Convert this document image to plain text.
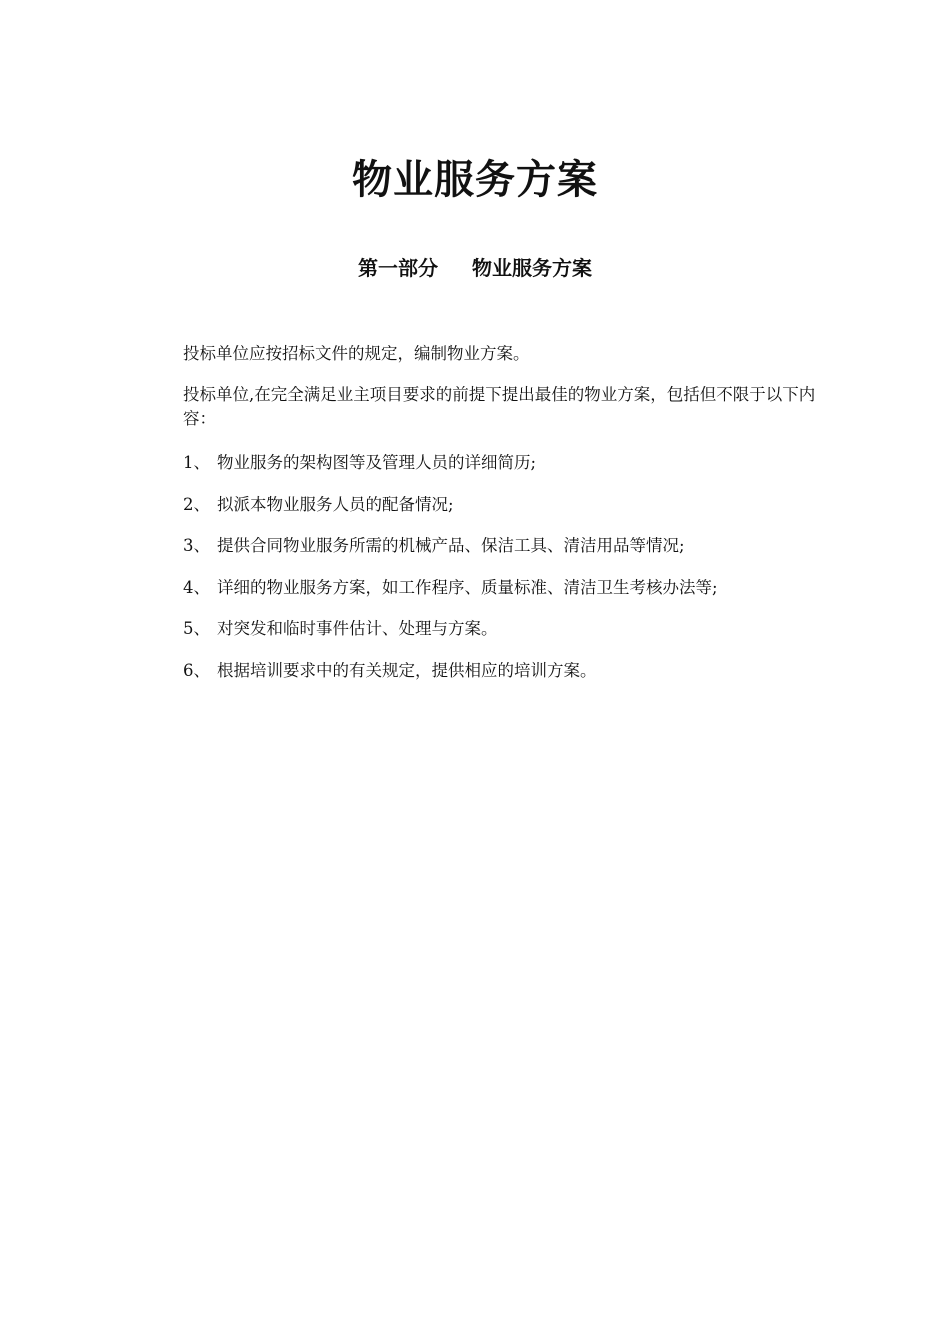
物业服务方案
第一部分 物业服务方案

投标单位应按招标文件的规定，编制物业方案。

投标单位,在完全满足业主项目要求的前提下提出最佳的物业方案，包括但不限于以下内容：

1、 物业服务的架构图等及管理人员的详细简历;
2、 拟派本物业服务人员的配备情况;
3、 提供合同物业服务所需的机械产品、保洁工具、清洁用品等情况;
4、 详细的物业服务方案，如工作程序、质量标准、清洁卫生考核办法等;
5、 对突发和临时事件估计、处理与方案。
6、 根据培训要求中的有关规定，提供相应的培训方案。
